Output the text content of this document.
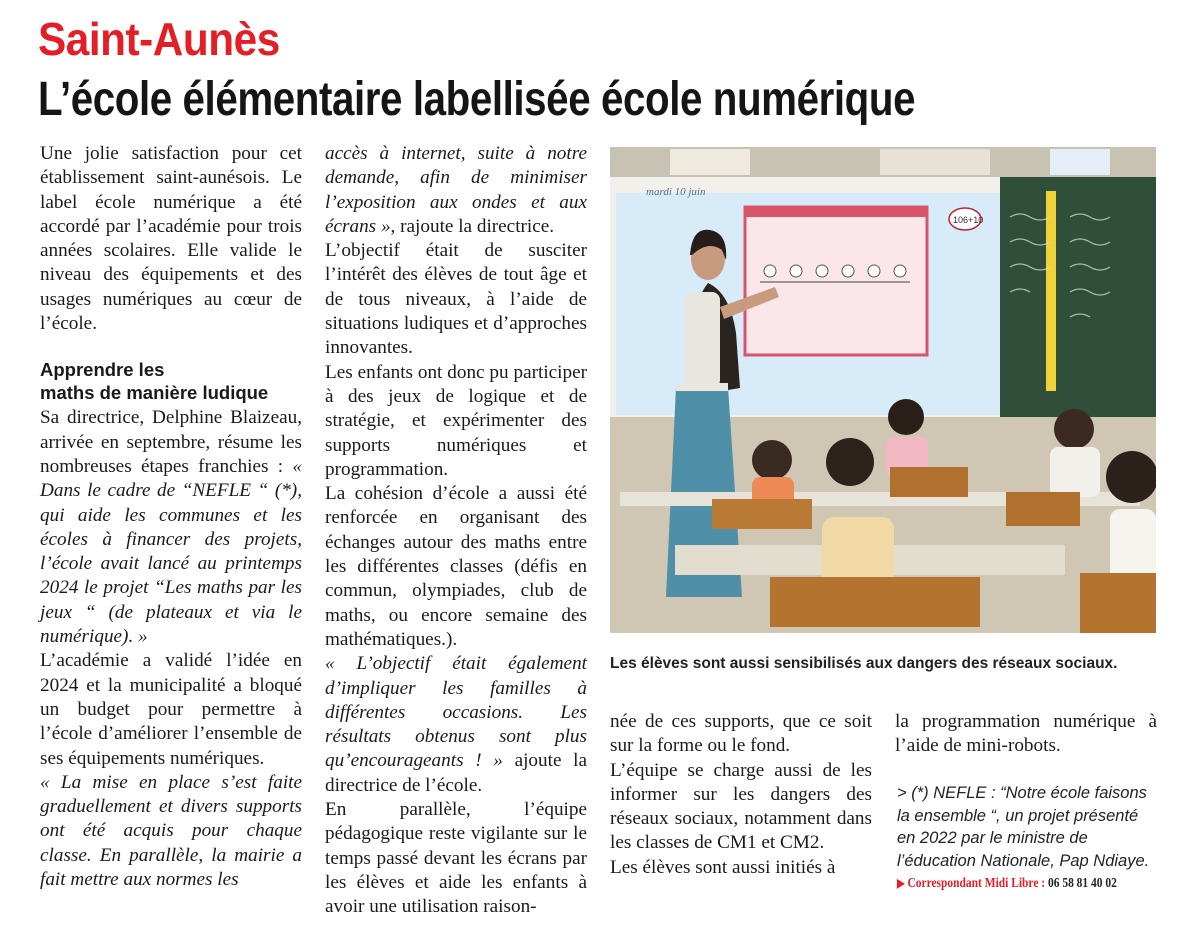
Saint-Aunès
L’école élémentaire labellisée école numérique

Une jolie satisfaction pour cet établissement saint-aunésois. Le label école numérique a été accordé par l’académie pour trois années scolaires. Elle valide le niveau des équipements et des usages numériques au cœur de l’école.

Apprendre les
maths de manière ludique

Sa directrice, Delphine Blaizeau, arrivée en septembre, résume les nombreuses étapes franchies : « Dans le cadre de “NEFLE “ (*), qui aide les communes et les écoles à financer des projets, l’école avait lancé au printemps 2024 le projet “Les maths par les jeux “ (de plateaux et via le numérique). »

L’académie a validé l’idée en 2024 et la municipalité a bloqué un budget pour permettre à l’école d’améliorer l’ensemble de ses équipements numériques.

« La mise en place s’est faite graduellement et divers supports ont été acquis pour chaque classe. En parallèle, la mairie a fait mettre aux normes les

accès à internet, suite à notre demande, afin de minimiser l’exposition aux ondes et aux écrans », rajoute la directrice.

L’objectif était de susciter l’intérêt des élèves de tout âge et de tous niveaux, à l’aide de situations ludiques et d’approches innovantes.

Les enfants ont donc pu participer à des jeux de logique et de stratégie, et expérimenter des supports numériques et programmation.

La cohésion d’école a aussi été renforcée en organisant des échanges autour des maths entre les différentes classes (défis en commun, olympiades, club de maths, ou encore semaine des mathématiques.).

« L’objectif était également d’impliquer les familles à différentes occasions. Les résultats obtenus sont plus qu’encourageants ! » ajoute la directrice de l’école.

En parallèle, l’équipe pédagogique reste vigilante sur le temps passé devant les écrans par les élèves et aide les enfants à avoir une utilisation raison-

mardi 10 juin
106+10
Les élèves sont aussi sensibilisés aux dangers des réseaux sociaux.

née de ces supports, que ce soit sur la forme ou le fond.

L’équipe se charge aussi de les informer sur les dangers des réseaux sociaux, notamment dans les classes de CM1 et CM2.

Les élèves sont aussi initiés à

la programmation numérique à l’aide de mini-robots.

> (*) NEFLE : “Notre école faisons la ensemble “, un projet présenté en 2022 par le ministre de l’éducation Nationale, Pap Ndiaye.
▶ Correspondant Midi Libre : 06 58 81 40 02
